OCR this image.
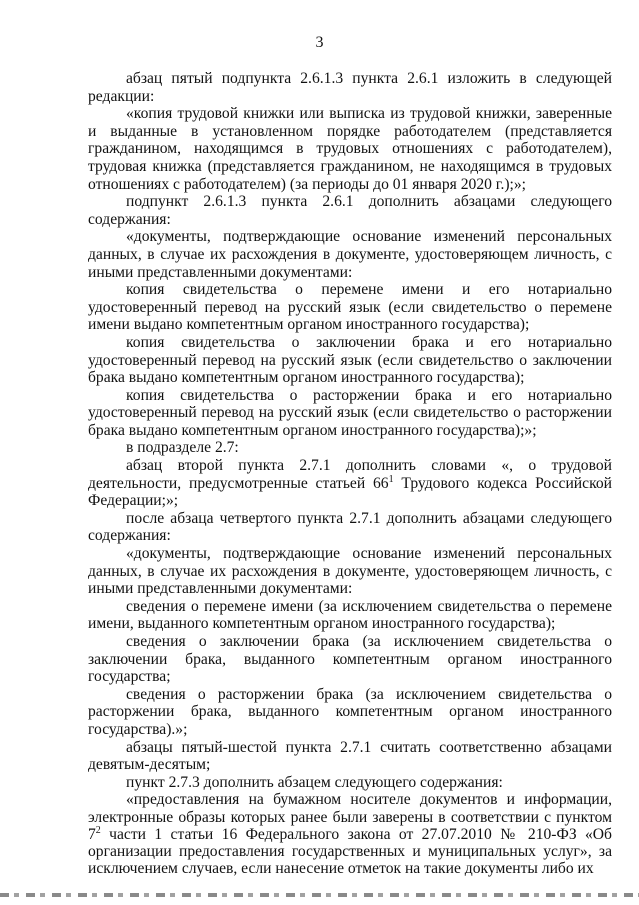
3

абзац пятый подпункта 2.6.1.3 пункта 2.6.1 изложить в следующей редакции:

«копия трудовой книжки или выписка из трудовой книжки, заверенные и выданные в установленном порядке работодателем (представляется гражданином, находящимся в трудовых отношениях с работодателем), трудовая книжка (представляется гражданином, не находящимся в трудовых отношениях с работодателем) (за периоды до 01 января 2020 г.);»;

подпункт 2.6.1.3 пункта 2.6.1 дополнить абзацами следующего содержания:

«документы, подтверждающие основание изменений персональных данных, в случае их расхождения в документе, удостоверяющем личность, с иными представленными документами:

копия свидетельства о перемене имени и его нотариально удостоверенный перевод на русский язык (если свидетельство о перемене имени выдано компетентным органом иностранного государства);

копия свидетельства о заключении брака и его нотариально удостоверенный перевод на русский язык (если свидетельство о заключении брака выдано компетентным органом иностранного государства);

копия свидетельства о расторжении брака и его нотариально удостоверенный перевод на русский язык (если свидетельство о расторжении брака выдано компетентным органом иностранного государства);»;

в подразделе 2.7:

абзац второй пункта 2.7.1 дополнить словами «, о трудовой деятельности, предусмотренные статьей $66^1$ Трудового кодекса Российской Федерации;»;

после абзаца четвертого пункта 2.7.1 дополнить абзацами следующего содержания:

«документы, подтверждающие основание изменений персональных данных, в случае их расхождения в документе, удостоверяющем личность, с иными представленными документами:

сведения о перемене имени (за исключением свидетельства о перемене имени, выданного компетентным органом иностранного государства);

сведения о заключении брака (за исключением свидетельства о заключении брака, выданного компетентным органом иностранного государства;

сведения о расторжении брака (за исключением свидетельства о расторжении брака, выданного компетентным органом иностранного государства).»;

абзацы пятый-шестой пункта 2.7.1 считать соответственно абзацами девятым-десятым;

пункт 2.7.3 дополнить абзацем следующего содержания:

«предоставления на бумажном носителе документов и информации, электронные образы которых ранее были заверены в соответствии с пунктом $7^2$ части 1 статьи 16 Федерального закона от 27.07.2010 № 210-ФЗ «Об организации предоставления государственных и муниципальных услуг», за исключением случаев, если нанесение отметок на такие документы либо их
